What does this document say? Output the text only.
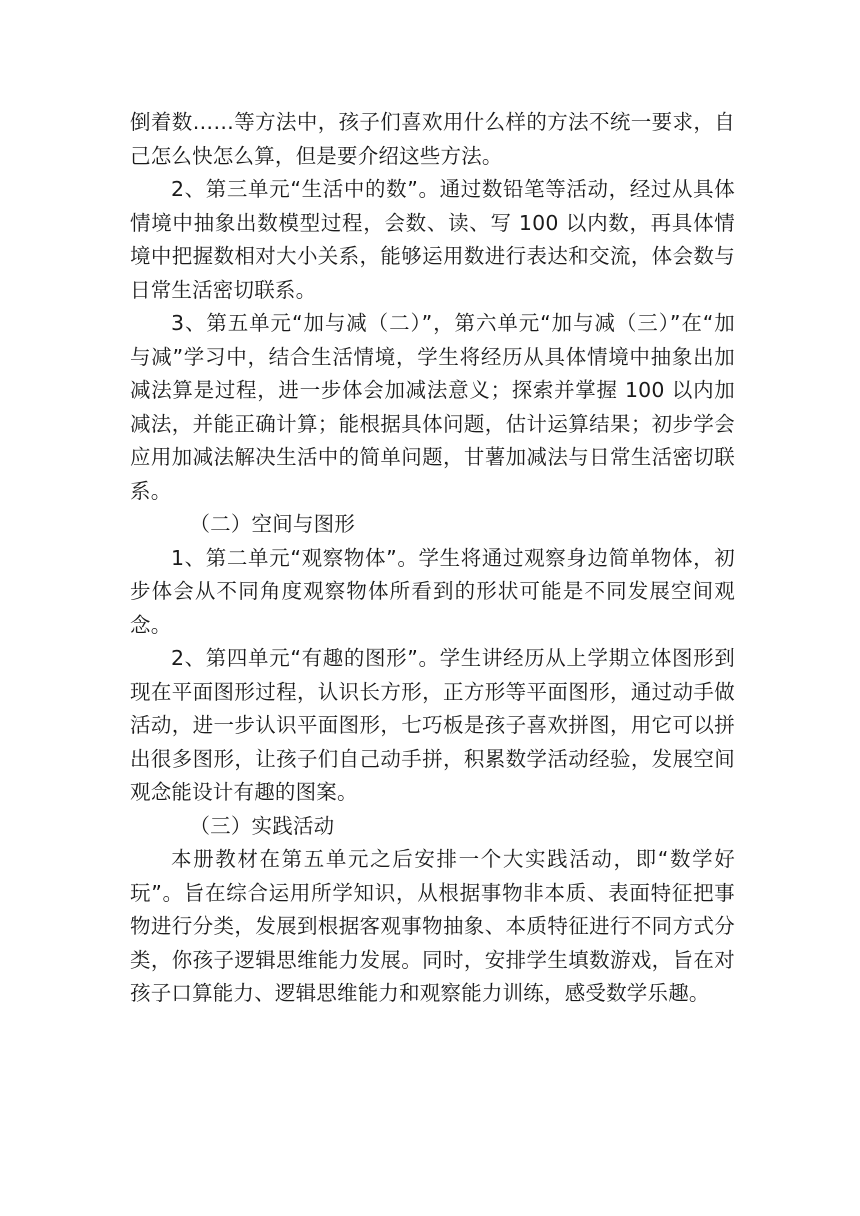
倒着数……等方法中，孩子们喜欢用什么样的方法不统一要求，自己怎么快怎么算，但是要介绍这些方法。

2、第三单元“生活中的数”。通过数铅笔等活动，经过从具体情境中抽象出数模型过程，会数、读、写 100 以内数，再具体情境中把握数相对大小关系，能够运用数进行表达和交流，体会数与日常生活密切联系。

3、第五单元“加与减（二）”，第六单元“加与减（三）”在“加与减”学习中，结合生活情境，学生将经历从具体情境中抽象出加减法算是过程，进一步体会加减法意义；探索并掌握 100 以内加减法，并能正确计算；能根据具体问题，估计运算结果；初步学会应用加减法解决生活中的简单问题，甘薯加减法与日常生活密切联系。

（二）空间与图形

1、第二单元“观察物体”。学生将通过观察身边简单物体，初步体会从不同角度观察物体所看到的形状可能是不同发展空间观念。

2、第四单元“有趣的图形”。学生讲经历从上学期立体图形到现在平面图形过程，认识长方形，正方形等平面图形，通过动手做活动，进一步认识平面图形，七巧板是孩子喜欢拼图，用它可以拼出很多图形，让孩子们自己动手拼，积累数学活动经验，发展空间观念能设计有趣的图案。

（三）实践活动

本册教材在第五单元之后安排一个大实践活动，即“数学好玩”。旨在综合运用所学知识，从根据事物非本质、表面特征把事物进行分类，发展到根据客观事物抽象、本质特征进行不同方式分类，你孩子逻辑思维能力发展。同时，安排学生填数游戏，旨在对孩子口算能力、逻辑思维能力和观察能力训练，感受数学乐趣。
